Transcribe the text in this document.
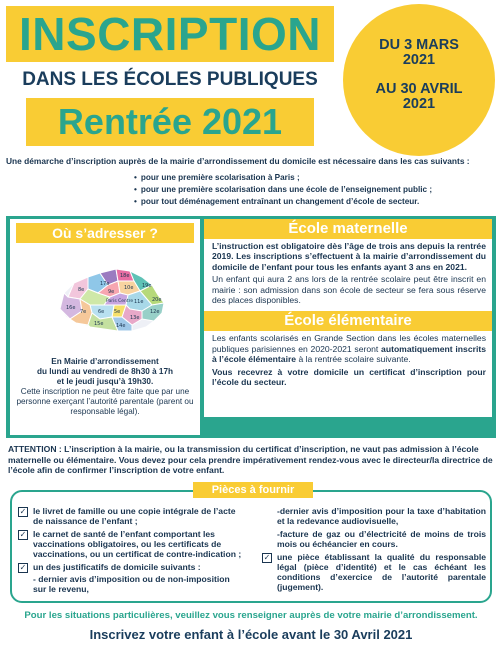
INSCRIPTION
DANS LES ÉCOLES PUBLIQUES
Rentrée 2021
DU 3 MARS
2021
AU 30 AVRIL
2021
Une démarche d’inscription auprès de la mairie d’arrondissement du domicile est nécessaire dans les cas suivants :
• pour une première scolarisation à Paris ;
• pour une première scolarisation dans une école de l’enseignement public ;
• pour tout déménagement entraînant un changement d’école de secteur.
Où s’adresser ?
17e
18e
19e
20e
8e
16e
9e
10e
Paris Centre 11e
12e
13e
5e
6e
7e
15e	14e
En Mairie d’arrondissement
du lundi au vendredi de 8h30 à 17h
et le jeudi jusqu’à 19h30.
Cette inscription ne peut être faite que par une personne exerçant l’autorité parentale (parent ou responsable légal).
École maternelle

L’instruction est obligatoire dès l’âge de trois ans depuis la rentrée 2019. Les inscriptions s’effectuent à la mairie d’arrondissement du domicile de l’enfant pour tous les enfants ayant 3 ans en 2021.

Un enfant qui aura 2 ans lors de la rentrée scolaire peut être inscrit en mairie : son admission dans son école de secteur se fera sous réserve des places disponibles.

École élémentaire

Les enfants scolarisés en Grande Section dans les écoles maternelles publiques parisiennes en 2020-2021 seront automatiquement inscrits à l’école élémentaire à la rentrée scolaire suivante.

Vous recevrez à votre domicile un certificat d’inscription pour l’école du secteur.

ATTENTION : L’inscription à la mairie, ou la transmission du certificat d’inscription, ne vaut pas admission à l’école maternelle ou élémentaire. Vous devez pour cela prendre impérativement rendez-vous avec le directeur/la directrice de l’école afin de confirmer l’inscription de votre enfant.
Pièces à fournir
✓ le livret de famille ou une copie intégrale de l’acte de naissance de l’enfant ;
✓ le carnet de santé de l’enfant comportant les vaccinations obligatoires, ou les certificats de vaccinations, ou un certificat de contre-indication ;
✓ un des justificatifs de domicile suivants :
- dernier avis d’imposition ou de non-imposition sur le revenu,
-dernier avis d’imposition pour la taxe d’habitation et la redevance audiovisuelle,
-facture de gaz ou d’électricité de moins de trois mois ou échéancier en cours.
✓ une pièce établissant la qualité du responsable légal (pièce d’identité) et le cas échéant les conditions d’exercice de l’autorité parentale (jugement).
Pour les situations particulières, veuillez vous renseigner auprès de votre mairie d’arrondissement.
Inscrivez votre enfant à l’école avant le 30 Avril 2021
